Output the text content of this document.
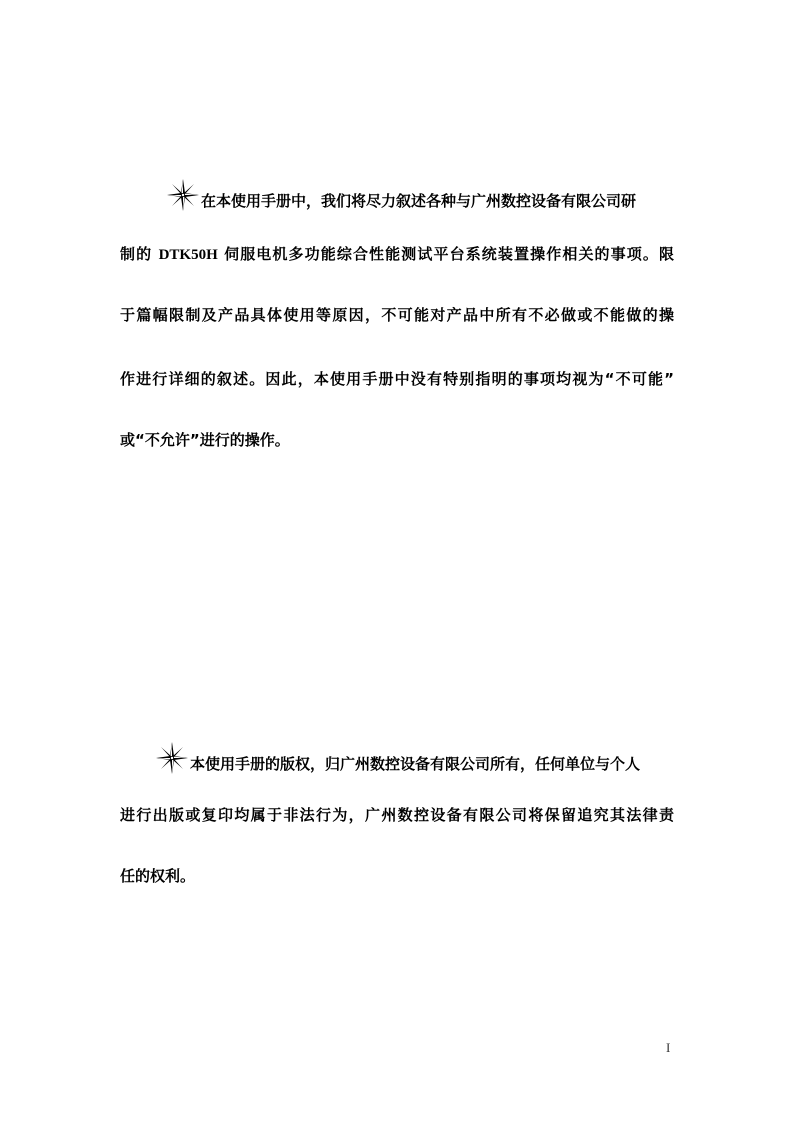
在本使用手册中，我们将尽力叙述各种与广州数控设备有限公司研
制的 DTK50H 伺服电机多功能综合性能测试平台系统装置操作相关的事项。限
于篇幅限制及产品具体使用等原因，不可能对产品中所有不必做或不能做的操
作进行详细的叙述。因此，本使用手册中没有特别指明的事项均视为“不可能”
或“不允许”进行的操作。
本使用手册的版权，归广州数控设备有限公司所有，任何单位与个人
进行出版或复印均属于非法行为，广州数控设备有限公司将保留追究其法律责
任的权利。
I
